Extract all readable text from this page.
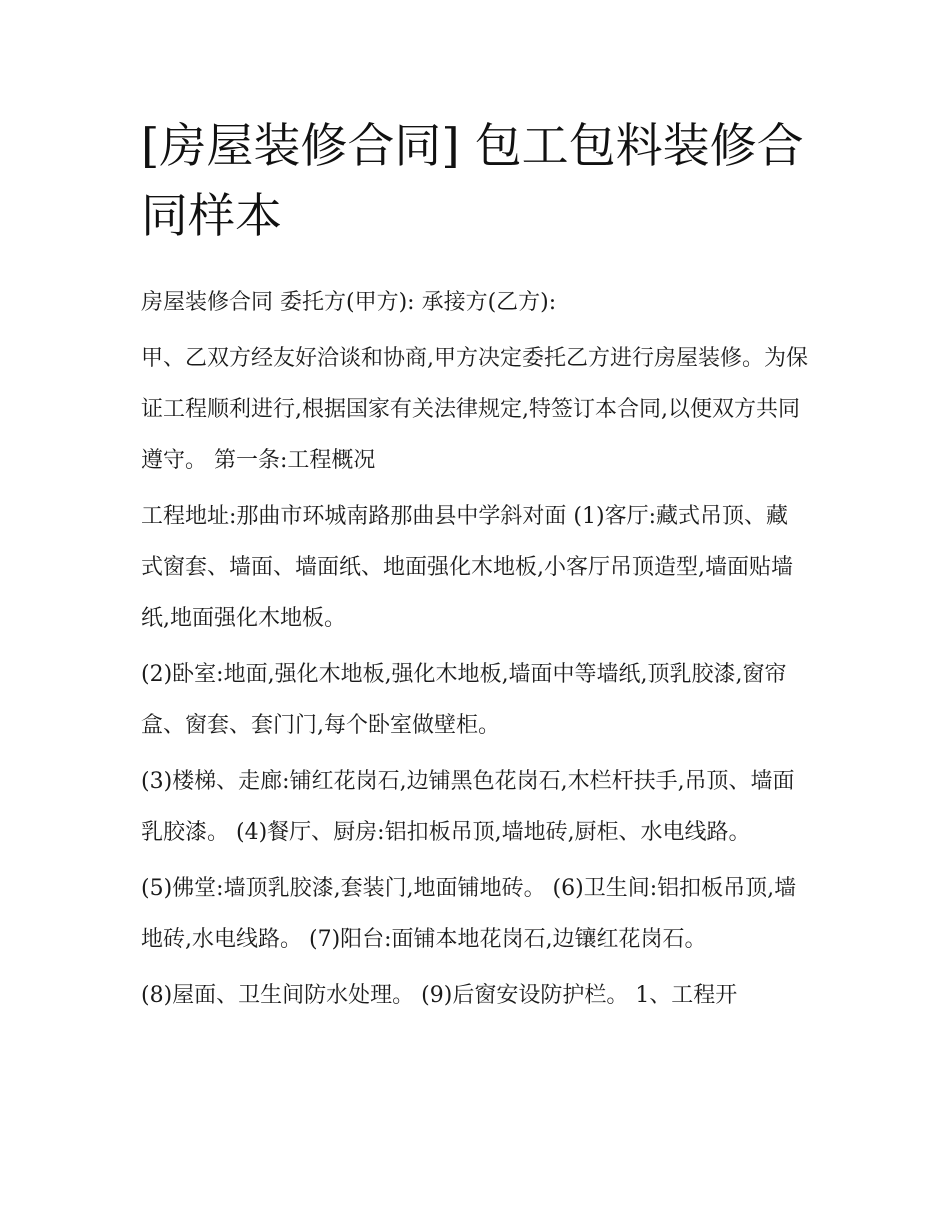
[房屋装修合同] 包工包料装修合同样本

房屋装修合同 委托方(甲方): 承接方(乙方):

甲、乙双方经友好洽谈和协商,甲方决定委托乙方进行房屋装修。为保证工程顺利进行,根据国家有关法律规定,特签订本合同,以便双方共同遵守。 第一条:工程概况

工程地址:那曲市环城南路那曲县中学斜对面 (1)客厅:藏式吊顶、藏式窗套、墙面、墙面纸、地面强化木地板,小客厅吊顶造型,墙面贴墙纸,地面强化木地板。

(2)卧室:地面,强化木地板,强化木地板,墙面中等墙纸,顶乳胶漆,窗帘盒、窗套、套门门,每个卧室做壁柜。

(3)楼梯、走廊:铺红花岗石,边铺黑色花岗石,木栏杆扶手,吊顶、墙面乳胶漆。 (4)餐厅、厨房:铝扣板吊顶,墙地砖,厨柜、水电线路。

(5)佛堂:墙顶乳胶漆,套装门,地面铺地砖。 (6)卫生间:铝扣板吊顶,墙地砖,水电线路。 (7)阳台:面铺本地花岗石,边镶红花岗石。

(8)屋面、卫生间防水处理。 (9)后窗安设防护栏。 1、工程开
